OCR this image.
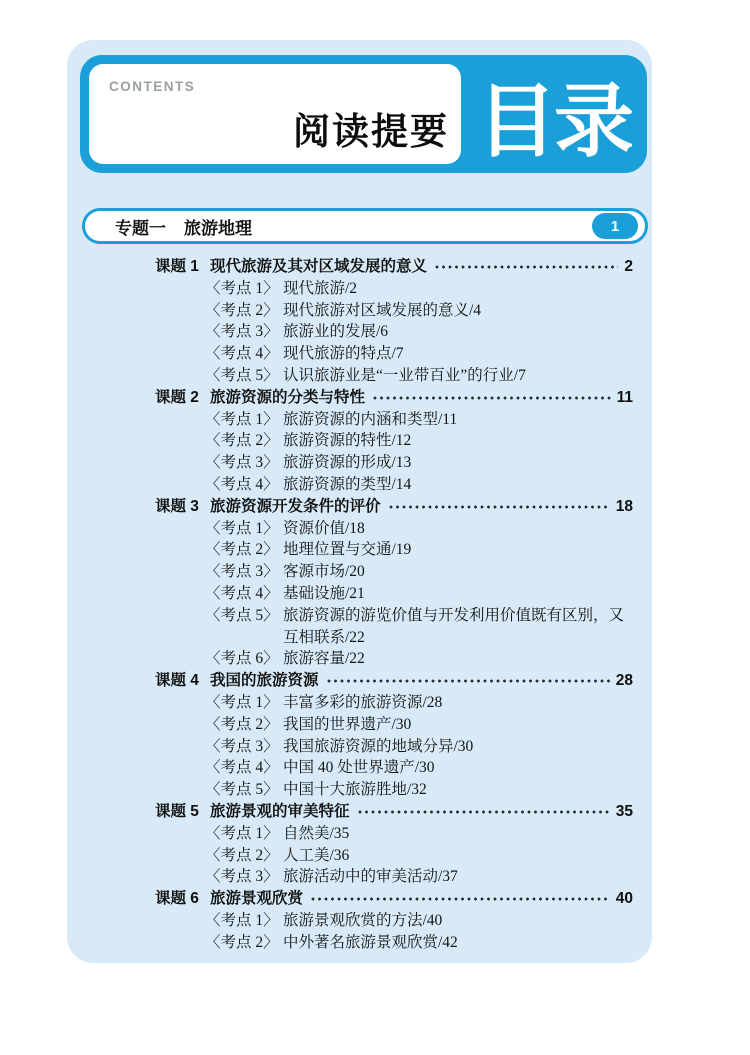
CONTENTS
阅读提要 目录
专题一 旅游地理	1
课题 1 现代旅游及其对区域发展的意义	2
〈考点 1〉 现代旅游/2
〈考点 2〉 现代旅游对区域发展的意义/4
〈考点 3〉 旅游业的发展/6
〈考点 4〉 现代旅游的特点/7
〈考点 5〉 认识旅游业是“一业带百业”的行业/7
课题 2 旅游资源的分类与特性	11
〈考点 1〉 旅游资源的内涵和类型/11
〈考点 2〉 旅游资源的特性/12
〈考点 3〉 旅游资源的形成/13
〈考点 4〉 旅游资源的类型/14
课题 3 旅游资源开发条件的评价	18
〈考点 1〉 资源价值/18
〈考点 2〉 地理位置与交通/19
〈考点 3〉 客源市场/20
〈考点 4〉 基础设施/21
〈考点 5〉 旅游资源的游览价值与开发利用价值既有区别，又互相联系/22
〈考点 6〉 旅游容量/22
课题 4 我国的旅游资源	28
〈考点 1〉 丰富多彩的旅游资源/28
〈考点 2〉 我国的世界遗产/30
〈考点 3〉 我国旅游资源的地域分异/30
〈考点 4〉 中国 40 处世界遗产/30
〈考点 5〉 中国十大旅游胜地/32
课题 5 旅游景观的审美特征	35
〈考点 1〉 自然美/35
〈考点 2〉 人工美/36
〈考点 3〉 旅游活动中的审美活动/37
课题 6 旅游景观欣赏	40
〈考点 1〉 旅游景观欣赏的方法/40
〈考点 2〉 中外著名旅游景观欣赏/42
